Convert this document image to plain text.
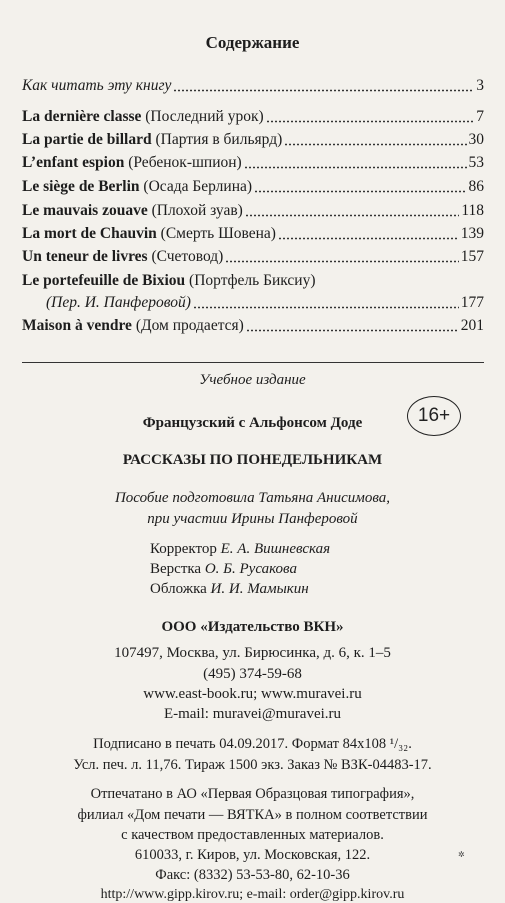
Содержание
Как читать эту книгу	3
La dernière classe (Последний урок)	7
La partie de billard (Партия в бильярд)	30
L’enfant espion (Ребенок-шпион)	53
Le siège de Berlin (Осада Берлина)	86
Le mauvais zouave (Плохой зуав)	118
La mort de Chauvin (Смерть Шовена)	139
Un teneur de livres (Счетовод)	157
Le portefeuille de Bixiou (Портфель Биксиу)
(Пер. И. Панферовой)	177
Maison à vendre (Дом продается)	201
Учебное издание
16+
Французский с Альфонсом Доде
РАССКАЗЫ ПО ПОНЕДЕЛЬНИКАМ
Пособие подготовила Татьяна Анисимова,
при участии Ирины Панферовой
Корректор Е. А. Вишневская
Верстка О. Б. Русакова
Обложка И. И. Мамыкин
ООО «Издательство ВКН»
107497, Москва, ул. Бирюсинка, д. 6, к. 1–5
(495) 374-59-68
www.east-book.ru; www.muravei.ru
E-mail: muravei@muravei.ru
Подписано в печать 04.09.2017. Формат 84x108 ¹/₃₂.
Усл. печ. л. 11,76. Тираж 1500 экз. Заказ № ВЗК-04483-17.
Отпечатано в АО «Первая Образцовая типография»,
филиал «Дом печати — ВЯТКА» в полном соответствии
с качеством предоставленных материалов.
610033, г. Киров, ул. Московская, 122.
Факс: (8332) 53-53-80, 62-10-36
http://www.gipp.kirov.ru; e-mail: order@gipp.kirov.ru
✲
